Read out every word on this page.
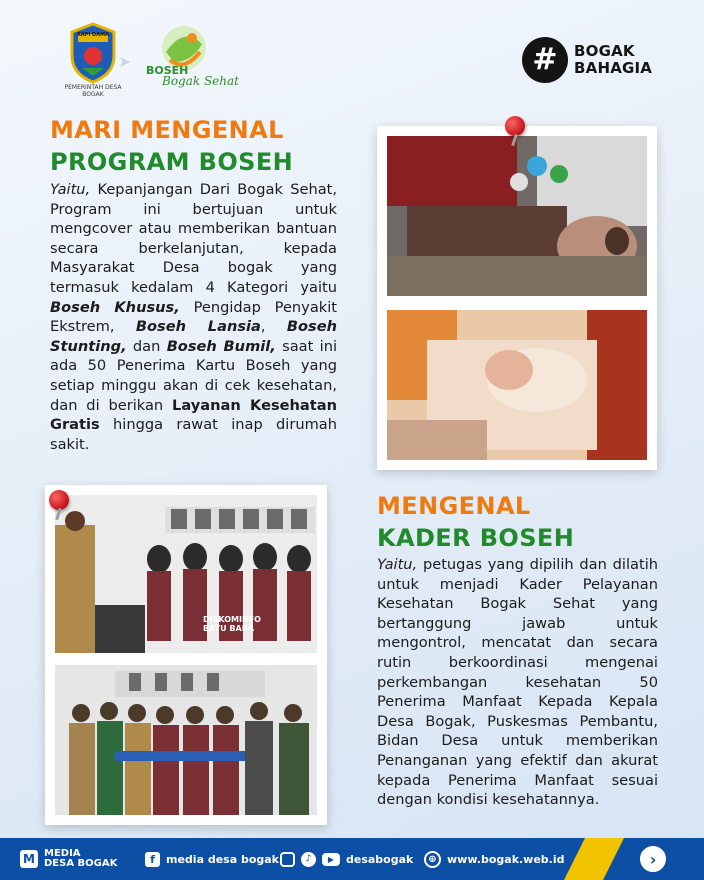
RAPI DAMA
PEMERINTAH DESA BOGAK
➤ BOSEH
Bogak Sehat
# BOGAK
BAHAGIA
MARI MENGENAL
PROGRAM BOSEH
Yaitu, Kepanjangan Dari Bogak Sehat, Program ini bertujuan untuk mengcover atau memberikan bantuan secara berkelanjutan, kepada Masyarakat Desa bogak yang termasuk kedalam 4 Kategori yaitu Boseh Khusus, Pengidap Penyakit Ekstrem, Boseh Lansia, Boseh Stunting, dan Boseh Bumil, saat ini ada 50 Penerima Kartu Boseh yang setiap minggu akan di cek kesehatan, dan di berikan Layanan Kesehatan Gratis hingga rawat inap dirumah sakit.
MENGENAL
KADER BOSEH
Yaitu, petugas yang dipilih dan dilatih untuk menjadi Kader Pelayanan Kesehatan Bogak Sehat yang bertanggung jawab untuk mengontrol, mencatat dan secara rutin berkoordinasi mengenai perkembangan kesehatan 50 Penerima Manfaat Kepada Kepala Desa Bogak, Puskesmas Pembantu, Bidan Desa untuk memberikan Penanganan yang efektif dan akurat kepada Penerima Manfaat sesuai dengan kondisi kesehatannya.
DISKOMINFO
BATU BARA
M MEDIA
DESA BOGAK	f	media desa bogak	♪	▶	desabogak	⊕ www.bogak.web.id	›
